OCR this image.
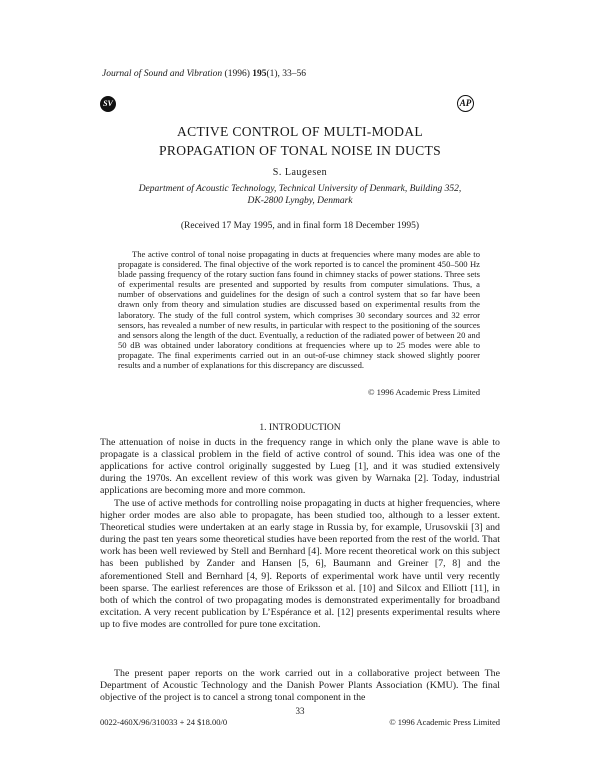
Journal of Sound and Vibration (1996) 195(1), 33–56
SV	AP
ACTIVE CONTROL OF MULTI-MODAL
PROPAGATION OF TONAL NOISE IN DUCTS
S. Laugesen
Department of Acoustic Technology, Technical University of Denmark, Building 352,
DK-2800 Lyngby, Denmark
(Received 17 May 1995, and in final form 18 December 1995)

The active control of tonal noise propagating in ducts at frequencies where many modes are able to propagate is considered. The final objective of the work reported is to cancel the prominent 450–500 Hz blade passing frequency of the rotary suction fans found in chimney stacks of power stations. Three sets of experimental results are presented and supported by results from computer simulations. Thus, a number of observations and guidelines for the design of such a control system that so far have been drawn only from theory and simulation studies are discussed based on experimental results from the laboratory. The study of the full control system, which comprises 30 secondary sources and 32 error sensors, has revealed a number of new results, in particular with respect to the positioning of the sources and sensors along the length of the duct. Eventually, a reduction of the radiated power of between 20 and 50 dB was obtained under laboratory conditions at frequencies where up to 25 modes were able to propagate. The final experiments carried out in an out-of-use chimney stack showed slightly poorer results and a number of explanations for this discrepancy are discussed.

© 1996 Academic Press Limited
1. INTRODUCTION

The attenuation of noise in ducts in the frequency range in which only the plane wave is able to propagate is a classical problem in the field of active control of sound. This idea was one of the applications for active control originally suggested by Lueg [1], and it was studied extensively during the 1970s. An excellent review of this work was given by Warnaka [2]. Today, industrial applications are becoming more and more common.

The use of active methods for controlling noise propagating in ducts at higher frequencies, where higher order modes are also able to propagate, has been studied too, although to a lesser extent. Theoretical studies were undertaken at an early stage in Russia by, for example, Urusovskii [3] and during the past ten years some theoretical studies have been reported from the rest of the world. That work has been well reviewed by Stell and Bernhard [4]. More recent theoretical work on this subject has been published by Zander and Hansen [5, 6], Baumann and Greiner [7, 8] and the aforementioned Stell and Bernhard [4, 9]. Reports of experimental work have until very recently been sparse. The earliest references are those of Eriksson et al. [10] and Silcox and Elliott [11], in both of which the control of two propagating modes is demonstrated experimentally for broadband excitation. A very recent publication by L’Espérance et al. [12] presents experimental results where up to five modes are controlled for pure tone excitation.

The present paper reports on the work carried out in a collaborative project between The Department of Acoustic Technology and the Danish Power Plants Association (KMU). The final objective of the project is to cancel a strong tonal component in the

33
0022-460X/96/310033 + 24 $18.00/0	© 1996 Academic Press Limited
